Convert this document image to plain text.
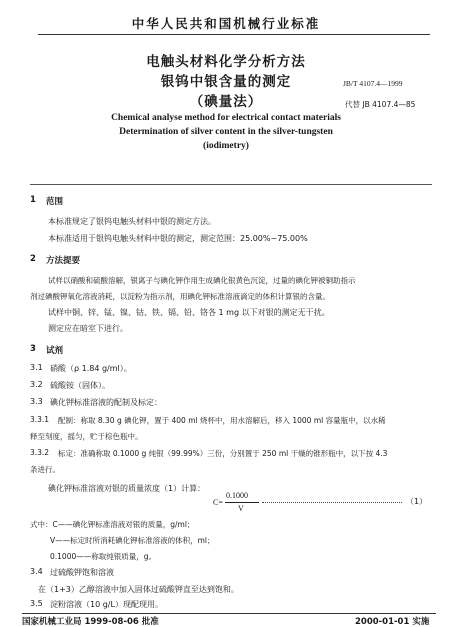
中华人民共和国机械行业标准
电触头材料化学分析方法
银钨中银含量的测定
（碘量法）
JB/T 4107.4—1999
代替 JB 4107.4—85
Chemical analyse method for electrical contact materials
Determination of silver content in the silver-tungsten
(iodimetry)
1 范围
本标准规定了银钨电触头材料中银的测定方法。
本标准适用于银钨电触头材料中银的测定，测定范围：25.00%~75.00%
2 方法提要
试样以硝酸和硫酸溶解，银离子与碘化钾作用生成碘化银黄色沉淀，过量的碘化钾被铜助指示
剂过碘酸钾氧化溶液消耗，以淀粉为指示剂，用碘化钾标准溶液滴定的体积计算银的含量。
试样中铜、锌、锰、镍、钴、铁、镉、铅、铬各 1 mg 以下对银的测定无干扰。
测定应在暗室下进行。
3 试剂
3.1 硝酸（ρ 1.84 g/ml）。
3.2 硫酸铵（固体）。
3.3 碘化钾标准溶液的配制及标定：
3.3.1 配制：称取 8.30 g 碘化钾，置于 400 ml 烧杯中，用水溶解后，移入 1000 ml 容量瓶中，以水稀
释至刻度，摇匀，贮于棕色瓶中。
3.3.2 标定：准确称取 0.1000 g 纯银（99.99%）三份，分别置于 250 ml 干燥的锥形瓶中，以下按 4.3
条进行。
碘化钾标准溶液对银的质量浓度（1）计算：
C=
0.1000
V
（1）
式中：C——碘化钾标准溶液对银的质量，g/ml；
V——标定时所消耗碘化钾标准溶液的体积，ml；
0.1000——称取纯银质量，g。
3.4 过硫酸钾饱和溶液
在（1+3）乙醇溶液中加入固体过硫酸钾直至达到饱和。
3.5 淀粉溶液（10 g/L）现配现用。
国家机械工业局 1999-08-06 批准	2000-01-01 实施
